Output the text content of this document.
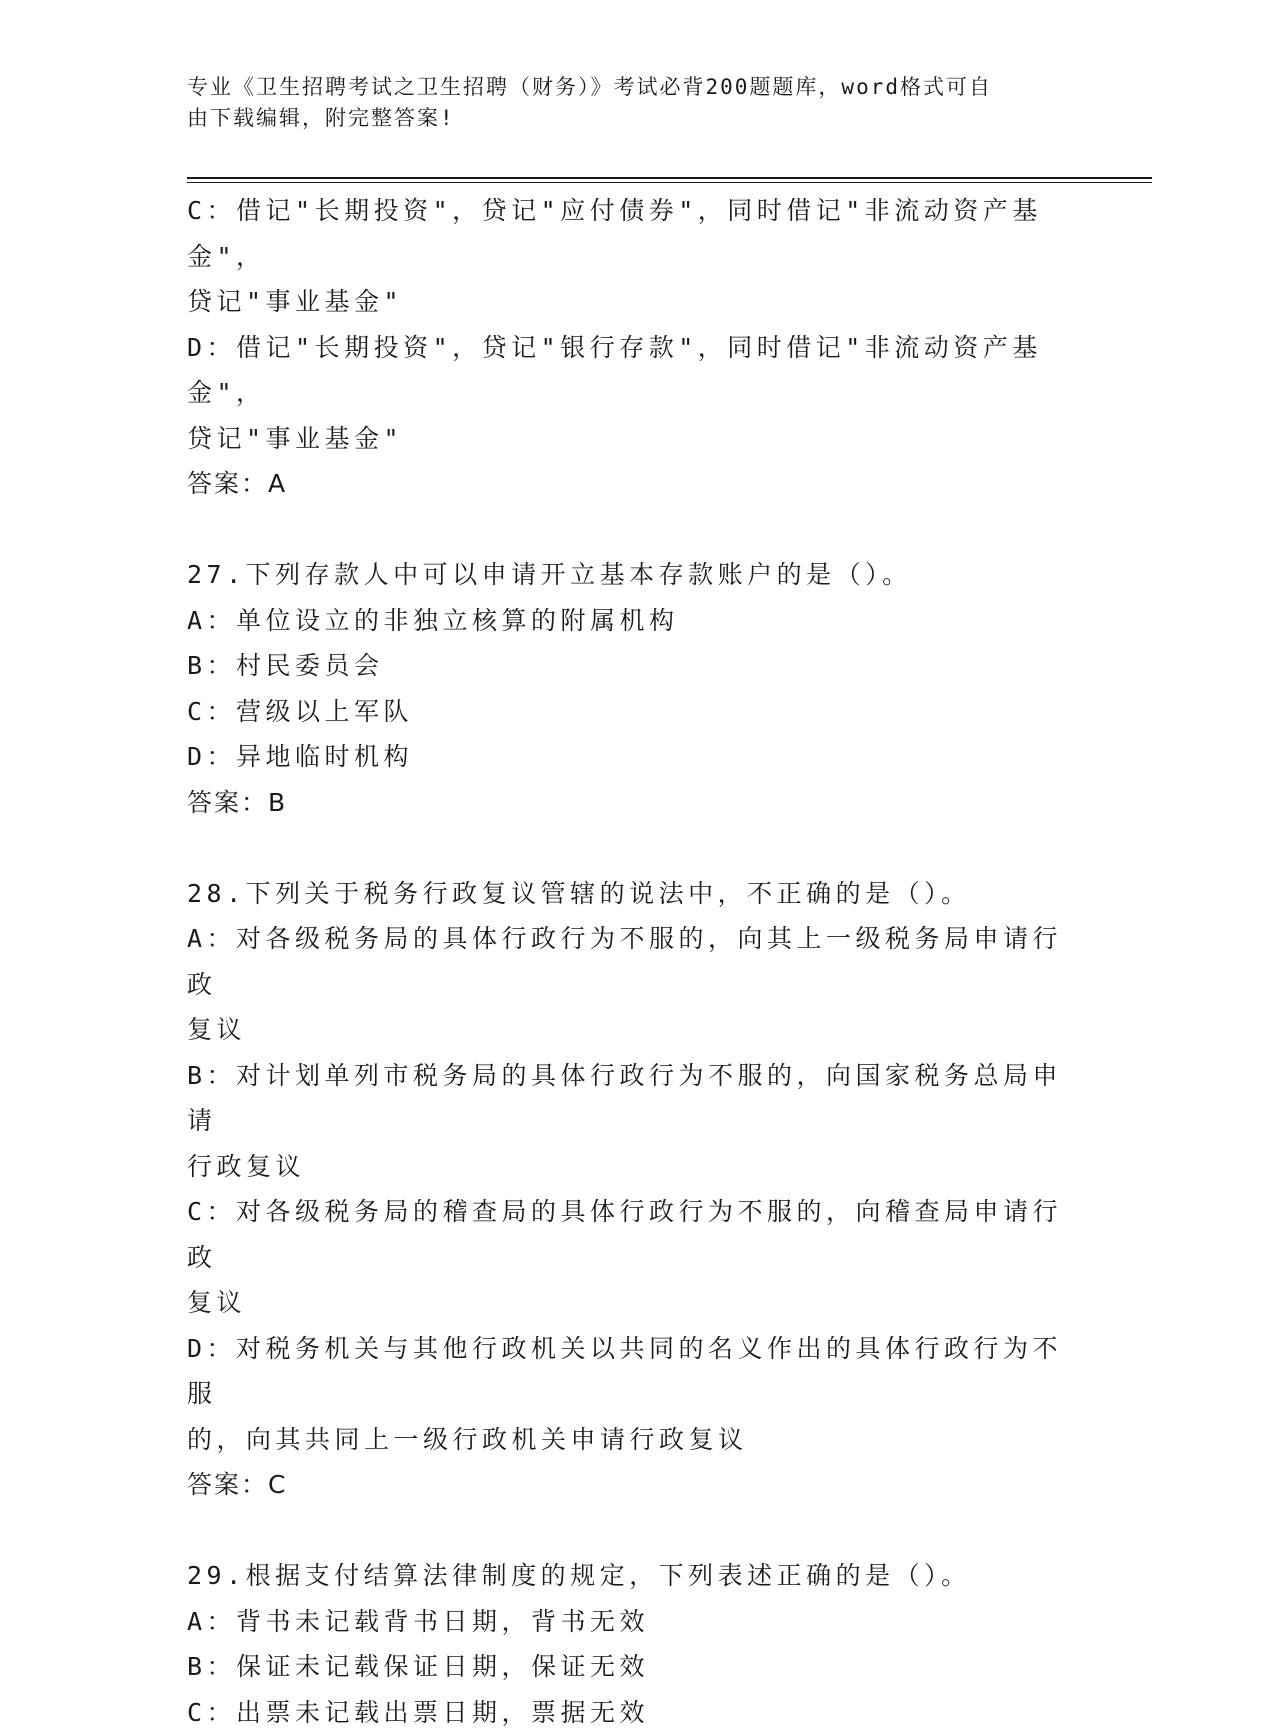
专业《卫生招聘考试之卫生招聘（财务）》考试必背200题题库，word格式可自
由下载编辑，附完整答案!
C：借记"长期投资"，贷记"应付债券"，同时借记"非流动资产基金"，
贷记"事业基金"
D：借记"长期投资"，贷记"银行存款"，同时借记"非流动资产基金"，
贷记"事业基金"
答案：A
27.下列存款人中可以申请开立基本存款账户的是（）。
A：单位设立的非独立核算的附属机构
B：村民委员会
C：营级以上军队
D：异地临时机构
答案：B
28.下列关于税务行政复议管辖的说法中，不正确的是（）。
A：对各级税务局的具体行政行为不服的，向其上一级税务局申请行政
复议
B：对计划单列市税务局的具体行政行为不服的，向国家税务总局申请
行政复议
C：对各级税务局的稽查局的具体行政行为不服的，向稽查局申请行政
复议
D：对税务机关与其他行政机关以共同的名义作出的具体行政行为不服
的，向其共同上一级行政机关申请行政复议
答案：C
29.根据支付结算法律制度的规定，下列表述正确的是（）。
A：背书未记载背书日期，背书无效
B：保证未记载保证日期，保证无效
C：出票未记载出票日期，票据无效
